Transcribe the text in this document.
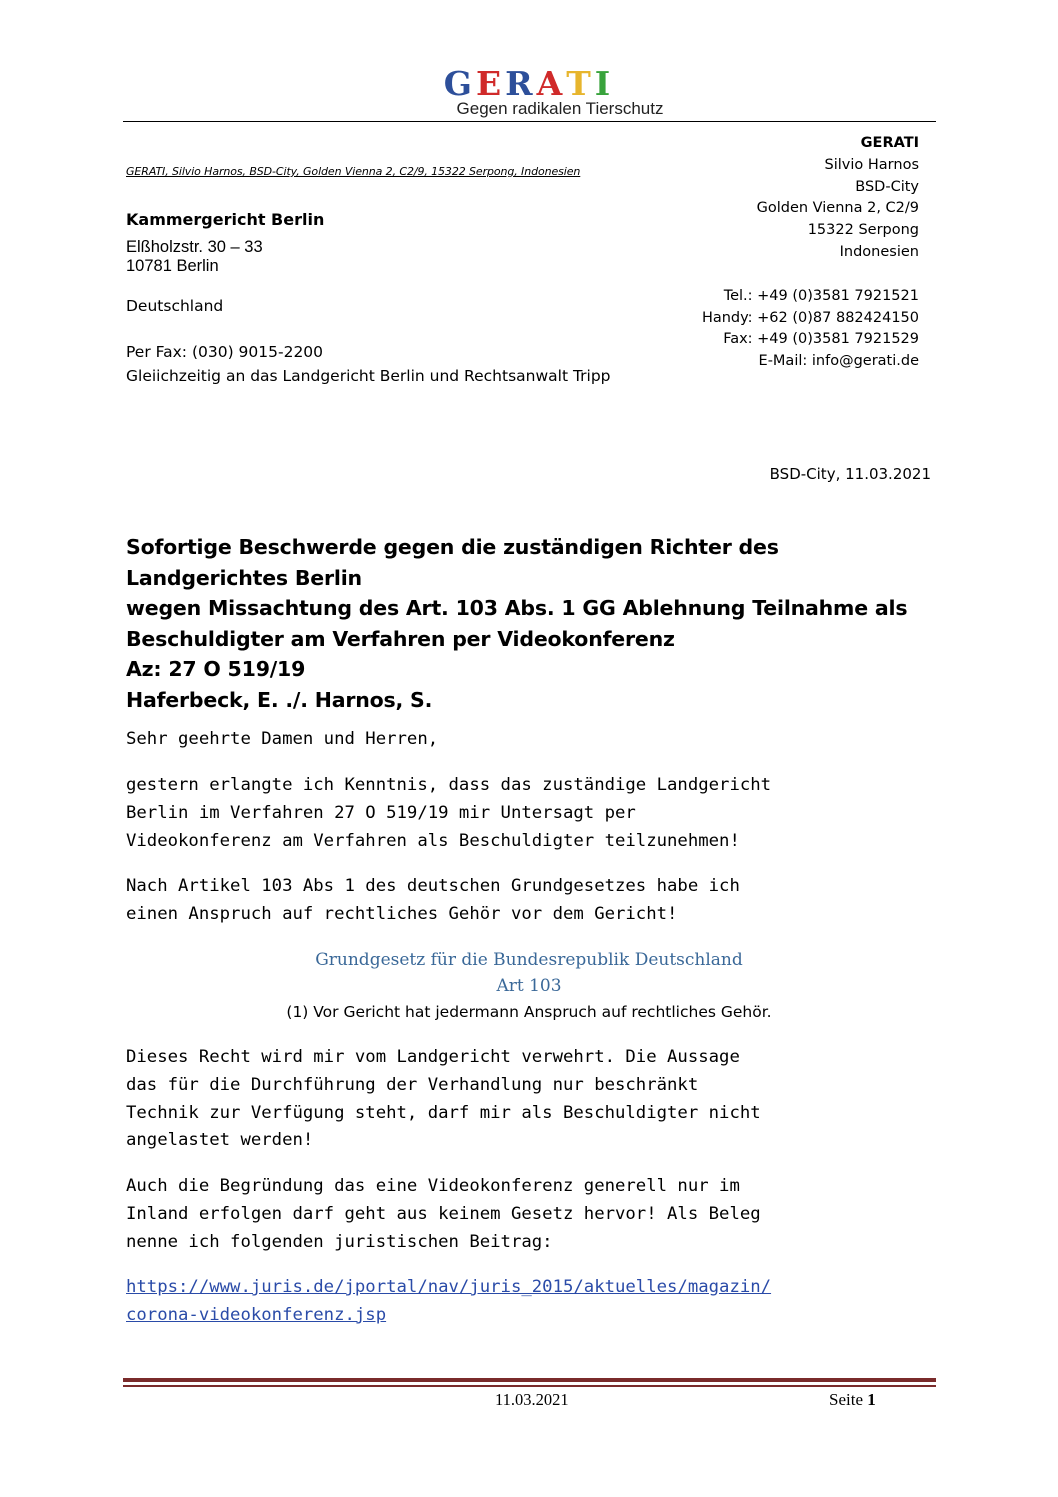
GERATI
Gegen radikalen Tierschutz
GERATI
Silvio Harnos
BSD-City
Golden Vienna 2, C2/9
15322 Serpong
Indonesien
Tel.: +49 (0)3581 7921521
Handy: +62 (0)87 882424150
Fax: +49 (0)3581 7921529
E-Mail: info@gerati.de
GERATI, Silvio Harnos, BSD-City, Golden Vienna 2, C2/9, 15322 Serpong, Indonesien
Kammergericht Berlin
Elßholzstr. 30 – 33
10781 Berlin
Deutschland
Per Fax: (030) 9015-2200
Gleiichzeitig an das Landgericht Berlin und Rechtsanwalt Tripp
BSD-City, 11.03.2021
Sofortige Beschwerde gegen die zuständigen Richter des Landgerichtes Berlin
wegen Missachtung des Art. 103 Abs. 1 GG Ablehnung Teilnahme als
Beschuldigter am Verfahren per Videokonferenz
Az: 27 O 519/19
Haferbeck, E. ./. Harnos, S.
Sehr geehrte Damen und Herren,
gestern erlangte ich Kenntnis, dass das zuständige Landgericht
Berlin im Verfahren 27 O 519/19 mir Untersagt per
Videokonferenz am Verfahren als Beschuldigter teilzunehmen!
Nach Artikel 103 Abs 1 des deutschen Grundgesetzes habe ich
einen Anspruch auf rechtliches Gehör vor dem Gericht!
Grundgesetz für die Bundesrepublik Deutschland
Art 103
(1) Vor Gericht hat jedermann Anspruch auf rechtliches Gehör.
Dieses Recht wird mir vom Landgericht verwehrt. Die Aussage
das für die Durchführung der Verhandlung nur beschränkt
Technik zur Verfügung steht, darf mir als Beschuldigter nicht
angelastet werden!
Auch die Begründung das eine Videokonferenz generell nur im
Inland erfolgen darf geht aus keinem Gesetz hervor! Als Beleg
nenne ich folgenden juristischen Beitrag:
https://www.juris.de/jportal/nav/juris_2015/aktuelles/magazin/
corona-videokonferenz.jsp
11.03.2021	Seite 1
